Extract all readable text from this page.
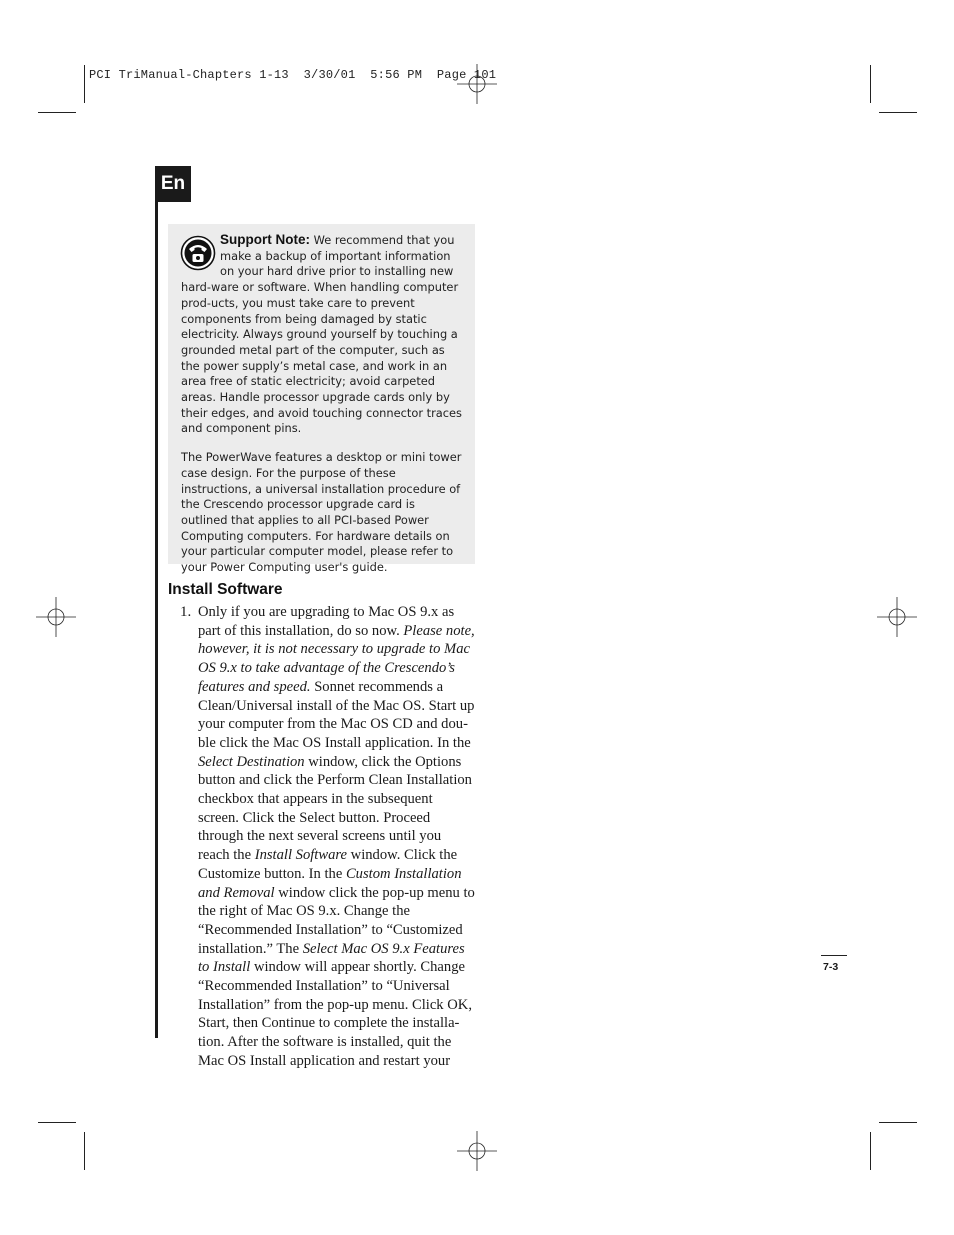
PCI TriManual-Chapters 1-13 3/30/01 5:56 PM Page 101
En

Support Note: We recommend that you make a backup of important information on your hard drive prior to installing new hard-ware or software. When handling computer prod-ucts, you must take care to prevent components from being damaged by static electricity. Always ground yourself by touching a grounded metal part of the computer, such as the power supply’s metal case, and work in an area free of static electricity; avoid carpeted areas. Handle processor upgrade cards only by their edges, and avoid touching connector traces and component pins.

The PowerWave features a desktop or mini tower case design. For the purpose of these instructions, a universal installation procedure of the Crescendo processor upgrade card is outlined that applies to all PCI-based Power Computing computers. For hardware details on your particular computer model, please refer to your Power Computing user's guide.

Install Software
1. Only if you are upgrading to Mac OS 9.x as part of this installation, do so now. Please note, however, it is not necessary to upgrade to Mac OS 9.x to take advantage of the Crescendo’s features and speed. Sonnet recommends a Clean/Universal install of the Mac OS. Start up your computer from the Mac OS CD and dou-ble click the Mac OS Install application. In the Select Destination window, click the Options button and click the Perform Clean Installation checkbox that appears in the subsequent screen. Click the Select button. Proceed through the next several screens until you reach the Install Software window. Click the Customize button. In the Custom Installation and Removal window click the pop-up menu to the right of Mac OS 9.x. Change the “Recommended Installation” to “Customized installation.” The Select Mac OS 9.x Features to Install window will appear shortly. Change “Recommended Installation” to “Universal Installation” from the pop-up menu. Click OK, Start, then Continue to complete the installa-tion. After the software is installed, quit the Mac OS Install application and restart your

7-3
